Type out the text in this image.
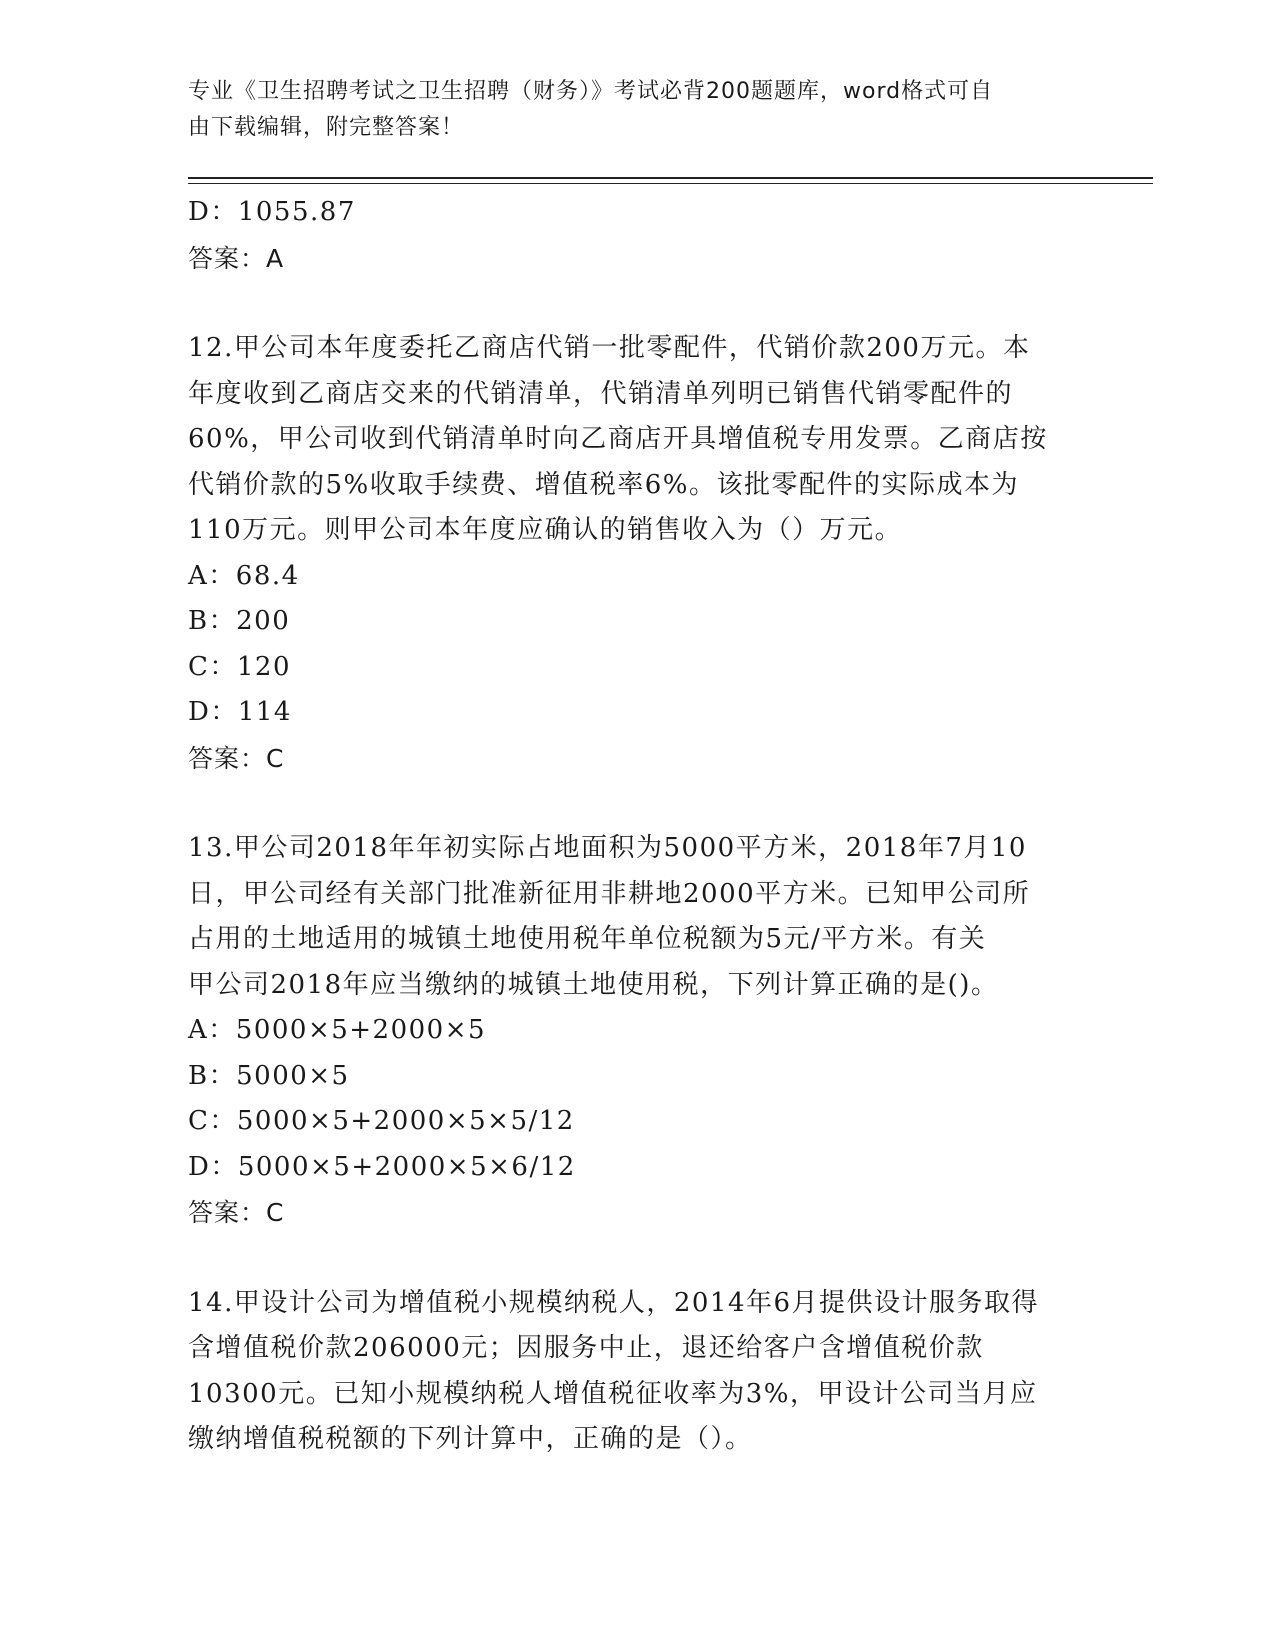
专业《卫生招聘考试之卫生招聘（财务）》考试必背200题题库，word格式可自
由下载编辑，附完整答案！
D：1055.87
答案：A
12.甲公司本年度委托乙商店代销一批零配件，代销价款200万元。本
年度收到乙商店交来的代销清单，代销清单列明已销售代销零配件的
60%，甲公司收到代销清单时向乙商店开具增值税专用发票。乙商店按
代销价款的5%收取手续费、增值税率6%。该批零配件的实际成本为
110万元。则甲公司本年度应确认的销售收入为（）万元。
A：68.4
B：200
C：120
D：114
答案：C
13.甲公司2018年年初实际占地面积为5000平方米，2018年7月10
日，甲公司经有关部门批准新征用非耕地2000平方米。已知甲公司所
占用的土地适用的城镇土地使用税年单位税额为5元/平方米。有关
甲公司2018年应当缴纳的城镇土地使用税，下列计算正确的是()。
A：5000×5+2000×5
B：5000×5
C：5000×5+2000×5×5/12
D：5000×5+2000×5×6/12
答案：C
14.甲设计公司为增值税小规模纳税人，2014年6月提供设计服务取得
含增值税价款206000元；因服务中止，退还给客户含增值税价款
10300元。已知小规模纳税人增值税征收率为3%，甲设计公司当月应
缴纳增值税税额的下列计算中，正确的是（）。
